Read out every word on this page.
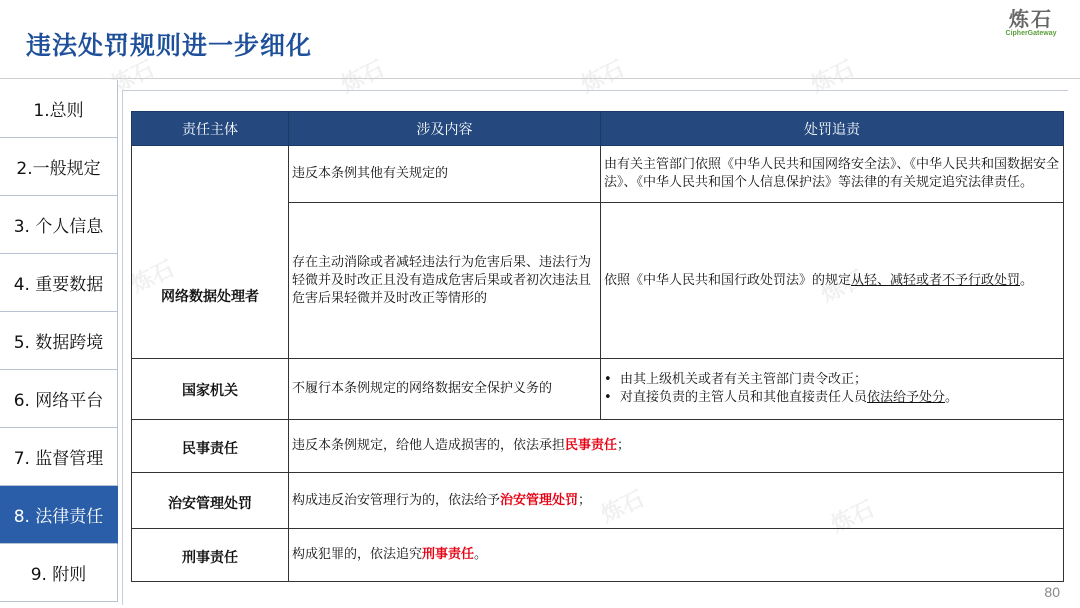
炼石	炼石	炼石	炼石
炼石	炼石
炼石	炼石
违法处罚规则进一步细化
炼石
CipherGateway
1.总则
2.一般规定
3. 个人信息
4. 重要数据
5. 数据跨境
6. 网络平台
7. 监督管理
8. 法律责任
9. 附则
责任主体	涉及内容	处罚追责
网络数据处理者	违反本条例其他有关规定的	由有关主管部门依照《中华人民共和国网络安全法》、《中华人民共和国数据安全法》、《中华人民共和国个人信息保护法》等法律的有关规定追究法律责任。
	存在主动消除或者减轻违法行为危害后果、违法行为轻微并及时改正且没有造成危害后果或者初次违法且危害后果轻微并及时改正等情形的	依照《中华人民共和国行政处罚法》的规定从轻、减轻或者不予行政处罚。
国家机关	不履行本条例规定的网络数据安全保护义务的	• 由其上级机关或者有关主管部门责令改正；
• 对直接负责的主管人员和其他直接责任人员依法给予处分。

民事责任	违反本条例规定，给他人造成损害的，依法承担民事责任；	
治安管理处罚	构成违反治安管理行为的，依法给予治安管理处罚；	
刑事责任	构成犯罪的，依法追究刑事责任。	
80
